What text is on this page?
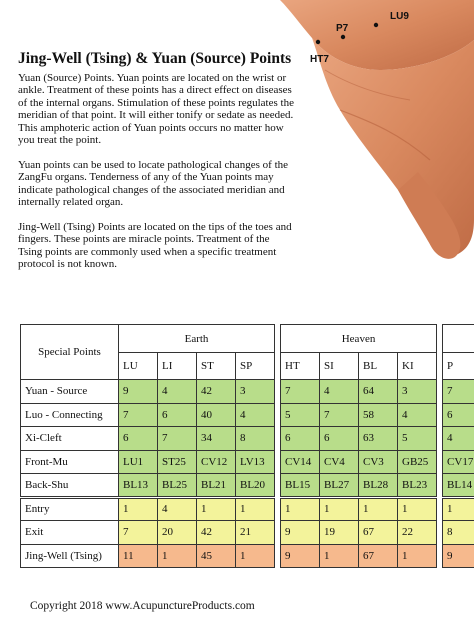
LU9
P7
HT7
Jing-Well (Tsing) & Yuan (Source) Points

Yuan (Source) Points. Yuan points are located on the wrist or ankle. Treatment of these points has a direct effect on diseases of the internal organs. Stimulation of these points regulates the meridian of that point. It will either tonify or sedate as needed. This amphoteric action of Yuan points occurs no matter how you treat the point.

Yuan points can be used to locate pathological changes of the ZangFu organs. Tenderness of any of the Yuan points may indicate pathological changes of the associated meridian and internally related organ.

Jing-Well (Tsing) Points are located on the tips of the toes and fingers. These points are miracle points. Treatment of the Tsing points are commonly used when a specific treatment protocol is not known.

Special Points	Earth					Heaven					
	LU	LI	ST	SP		HT	SI	BL	KI		P
Yuan - Source	9	4	42	3		7	4	64	3		7
Luo - Connecting	7	6	40	4		5	7	58	4		6
Xi-Cleft	6	7	34	8		6	6	63	5		4
Front-Mu	LU1	ST25	CV12	LV13		CV14	CV4	CV3	GB25		CV17
Back-Shu	BL13	BL25	BL21	BL20		BL15	BL27	BL28	BL23		BL14
Entry	1	4	1	1		1	1	1	1		1
Exit	7	20	42	21		9	19	67	22		8
Jing-Well (Tsing)	11	1	45	1		9	1	67	1		9
Copyright 2018 www.AcupunctureProducts.com
